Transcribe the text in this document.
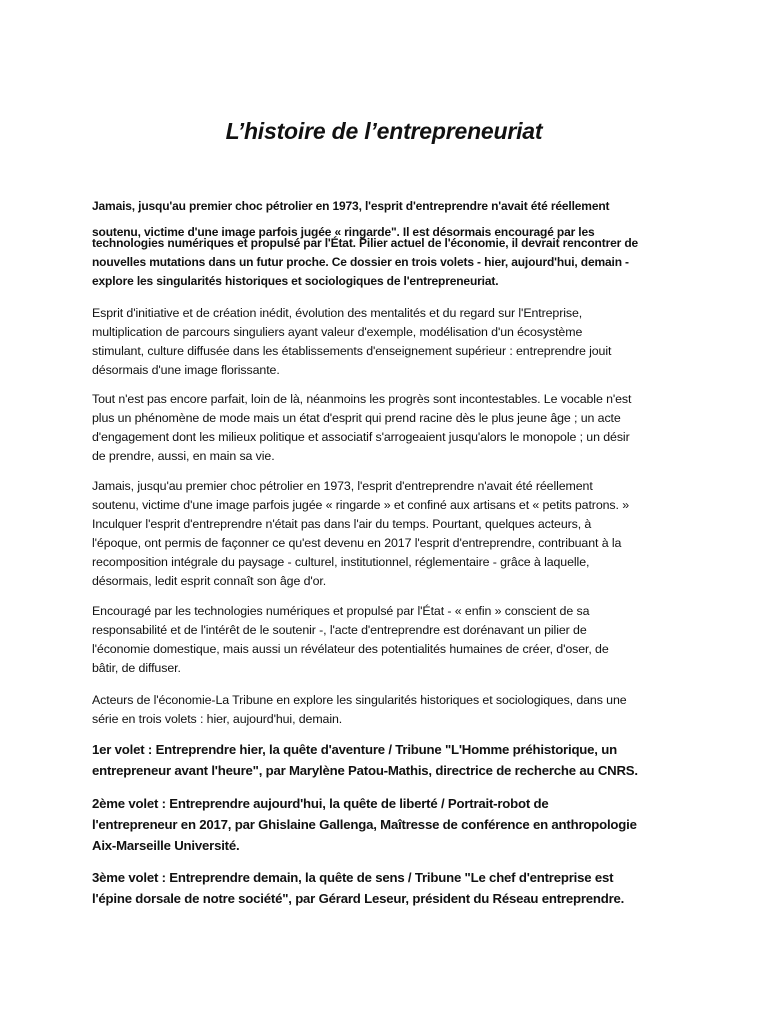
L’histoire de l’entrepreneuriat
Jamais, jusqu'au premier choc pétrolier en 1973, l'esprit d'entreprendre n'avait été réellement
soutenu, victime d'une image parfois jugée « ringarde". Il est désormais encouragé par les
technologies numériques et propulsé par l'État. Pilier actuel de l'économie, il devrait rencontrer de
nouvelles mutations dans un futur proche. Ce dossier en trois volets - hier, aujourd'hui, demain -
explore les singularités historiques et sociologiques de l'entrepreneuriat.
Esprit d'initiative et de création inédit, évolution des mentalités et du regard sur l'Entreprise,
multiplication de parcours singuliers ayant valeur d'exemple, modélisation d'un écosystème
stimulant, culture diffusée dans les établissements d'enseignement supérieur : entreprendre jouit
désormais d'une image florissante.
Tout n'est pas encore parfait, loin de là, néanmoins les progrès sont incontestables. Le vocable n'est
plus un phénomène de mode mais un état d'esprit qui prend racine dès le plus jeune âge ; un acte
d'engagement dont les milieux politique et associatif s'arrogeaient jusqu'alors le monopole ; un désir
de prendre, aussi, en main sa vie.
Jamais, jusqu'au premier choc pétrolier en 1973, l'esprit d'entreprendre n'avait été réellement
soutenu, victime d'une image parfois jugée « ringarde » et confiné aux artisans et « petits patrons. »
Inculquer l'esprit d'entreprendre n'était pas dans l'air du temps. Pourtant, quelques acteurs, à
l'époque, ont permis de façonner ce qu'est devenu en 2017 l'esprit d'entreprendre, contribuant à la
recomposition intégrale du paysage - culturel, institutionnel, réglementaire - grâce à laquelle,
désormais, ledit esprit connaît son âge d'or.
Encouragé par les technologies numériques et propulsé par l'État - « enfin » conscient de sa
responsabilité et de l'intérêt de le soutenir -, l'acte d'entreprendre est dorénavant un pilier de
l'économie domestique, mais aussi un révélateur des potentialités humaines de créer, d'oser, de
bâtir, de diffuser.
Acteurs de l'économie-La Tribune en explore les singularités historiques et sociologiques, dans une
série en trois volets : hier, aujourd'hui, demain.
1er volet : Entreprendre hier, la quête d'aventure / Tribune "L'Homme préhistorique, un
entrepreneur avant l'heure", par Marylène Patou-Mathis, directrice de recherche au CNRS.
2ème volet : Entreprendre aujourd'hui, la quête de liberté / Portrait-robot de
l'entrepreneur en 2017, par Ghislaine Gallenga, Maîtresse de conférence en anthropologie
Aix-Marseille Université.
3ème volet : Entreprendre demain, la quête de sens / Tribune "Le chef d'entreprise est
l'épine dorsale de notre société", par Gérard Leseur, président du Réseau entreprendre.
